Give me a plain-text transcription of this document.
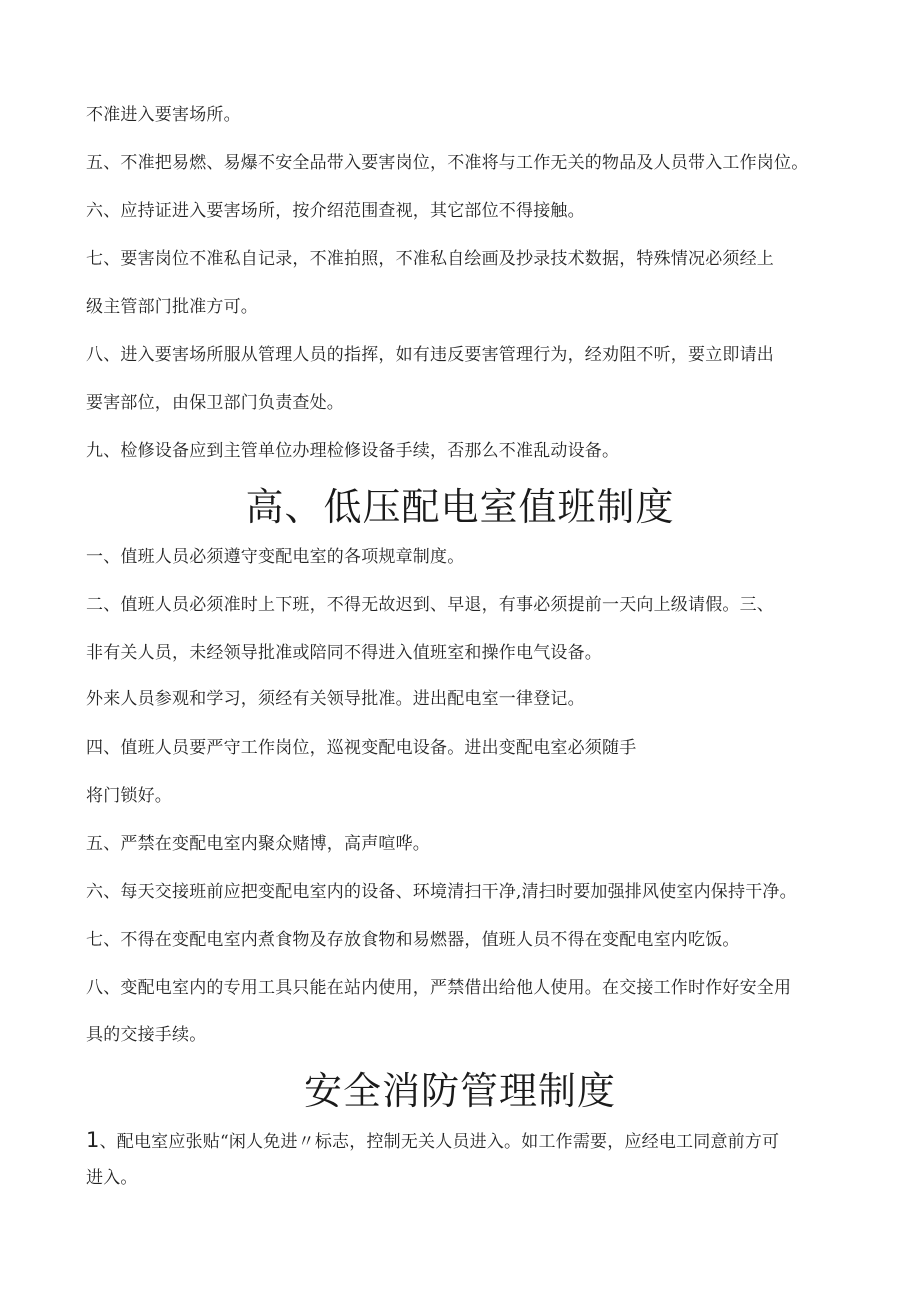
不准进入要害场所。
五、不准把易燃、易爆不安全品带入要害岗位，不准将与工作无关的物品及人员带入工作岗位。
六、应持证进入要害场所，按介绍范围查视，其它部位不得接触。
七、要害岗位不准私自记录，不准拍照，不准私自绘画及抄录技术数据，特殊情况必须经上
级主管部门批准方可。
八、进入要害场所服从管理人员的指挥，如有违反要害管理行为，经劝阻不听，要立即请出
要害部位，由保卫部门负责查处。
九、检修设备应到主管单位办理检修设备手续，否那么不准乱动设备。
高、低压配电室值班制度
一、值班人员必须遵守变配电室的各项规章制度。
二、值班人员必须准时上下班，不得无故迟到、早退，有事必须提前一天向上级请假。三、
非有关人员，未经领导批准或陪同不得进入值班室和操作电气设备。
外来人员参观和学习，须经有关领导批准。进出配电室一律登记。
四、值班人员要严守工作岗位，巡视变配电设备。进出变配电室必须随手
将门锁好。
五、严禁在变配电室内聚众赌博，高声喧哗。
六、每天交接班前应把变配电室内的设备、环境清扫干净,清扫时要加强排风使室内保持干净。
七、不得在变配电室内煮食物及存放食物和易燃器，值班人员不得在变配电室内吃饭。
八、变配电室内的专用工具只能在站内使用，严禁借出给他人使用。在交接工作时作好安全用
具的交接手续。
安全消防管理制度
1、配电室应张贴“闲人免进〃标志，控制无关人员进入。如工作需要，应经电工同意前方可
进入。
